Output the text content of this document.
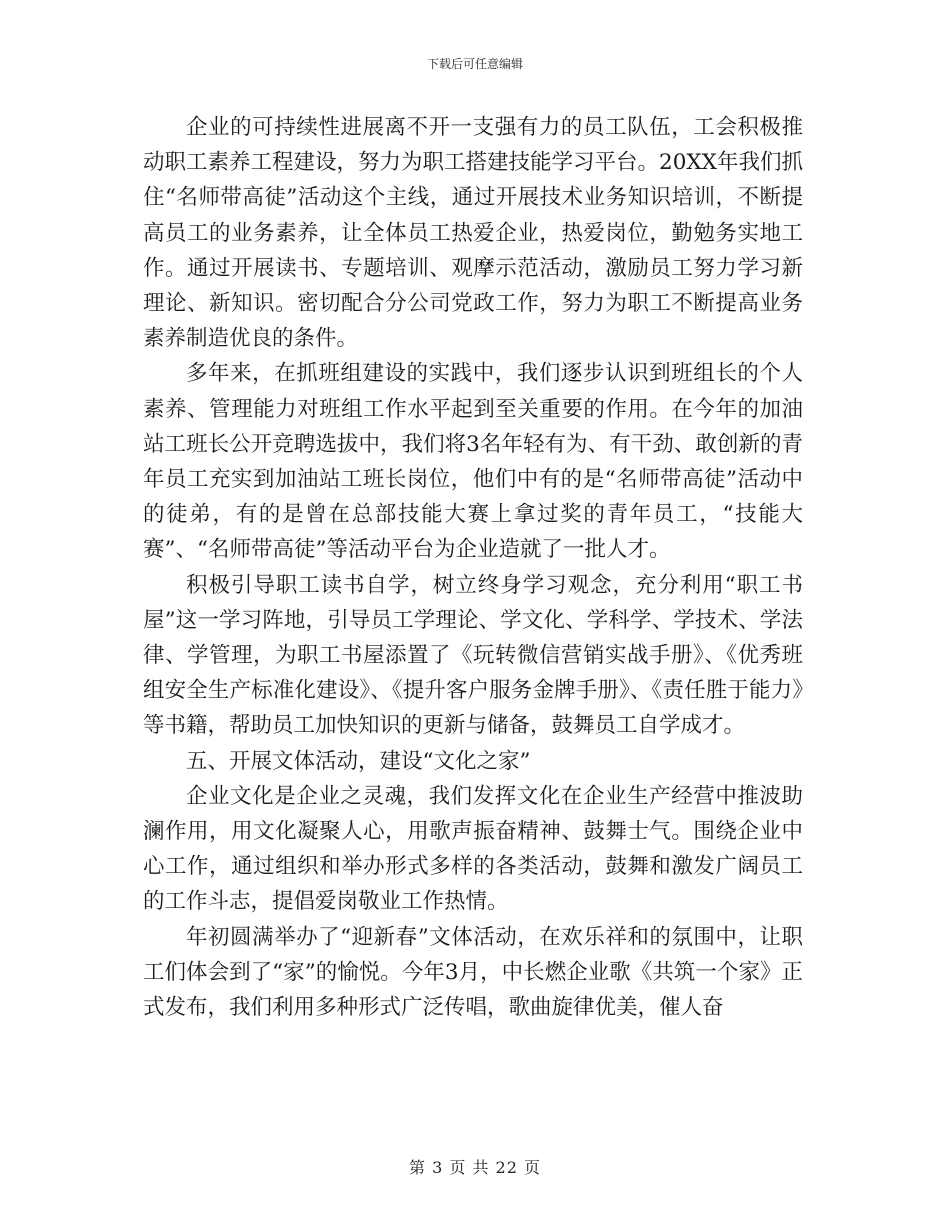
下载后可任意编辑

企业的可持续性进展离不开一支强有力的员工队伍，工会积极推动职工素养工程建设，努力为职工搭建技能学习平台。20XX年我们抓住“名师带高徒”活动这个主线，通过开展技术业务知识培训，不断提高员工的业务素养，让全体员工热爱企业，热爱岗位，勤勉务实地工作。通过开展读书、专题培训、观摩示范活动，激励员工努力学习新理论、新知识。密切配合分公司党政工作，努力为职工不断提高业务素养制造优良的条件。

多年来，在抓班组建设的实践中，我们逐步认识到班组长的个人素养、管理能力对班组工作水平起到至关重要的作用。在今年的加油站工班长公开竞聘选拔中，我们将3名年轻有为、有干劲、敢创新的青年员工充实到加油站工班长岗位，他们中有的是“名师带高徒”活动中的徒弟，有的是曾在总部技能大赛上拿过奖的青年员工，“技能大赛”、“名师带高徒”等活动平台为企业造就了一批人才。

积极引导职工读书自学，树立终身学习观念，充分利用“职工书屋”这一学习阵地，引导员工学理论、学文化、学科学、学技术、学法律、学管理，为职工书屋添置了《玩转微信营销实战手册》、《优秀班组安全生产标准化建设》、《提升客户服务金牌手册》、《责任胜于能力》等书籍，帮助员工加快知识的更新与储备，鼓舞员工自学成才。

五、开展文体活动，建设“文化之家”

企业文化是企业之灵魂，我们发挥文化在企业生产经营中推波助澜作用，用文化凝聚人心，用歌声振奋精神、鼓舞士气。围绕企业中心工作，通过组织和举办形式多样的各类活动，鼓舞和激发广阔员工的工作斗志，提倡爱岗敬业工作热情。

年初圆满举办了“迎新春”文体活动，在欢乐祥和的氛围中，让职工们体会到了“家”的愉悦。今年3月，中长燃企业歌《共筑一个家》正式发布，我们利用多种形式广泛传唱，歌曲旋律优美，催人奋

第 3 页 共 22 页
